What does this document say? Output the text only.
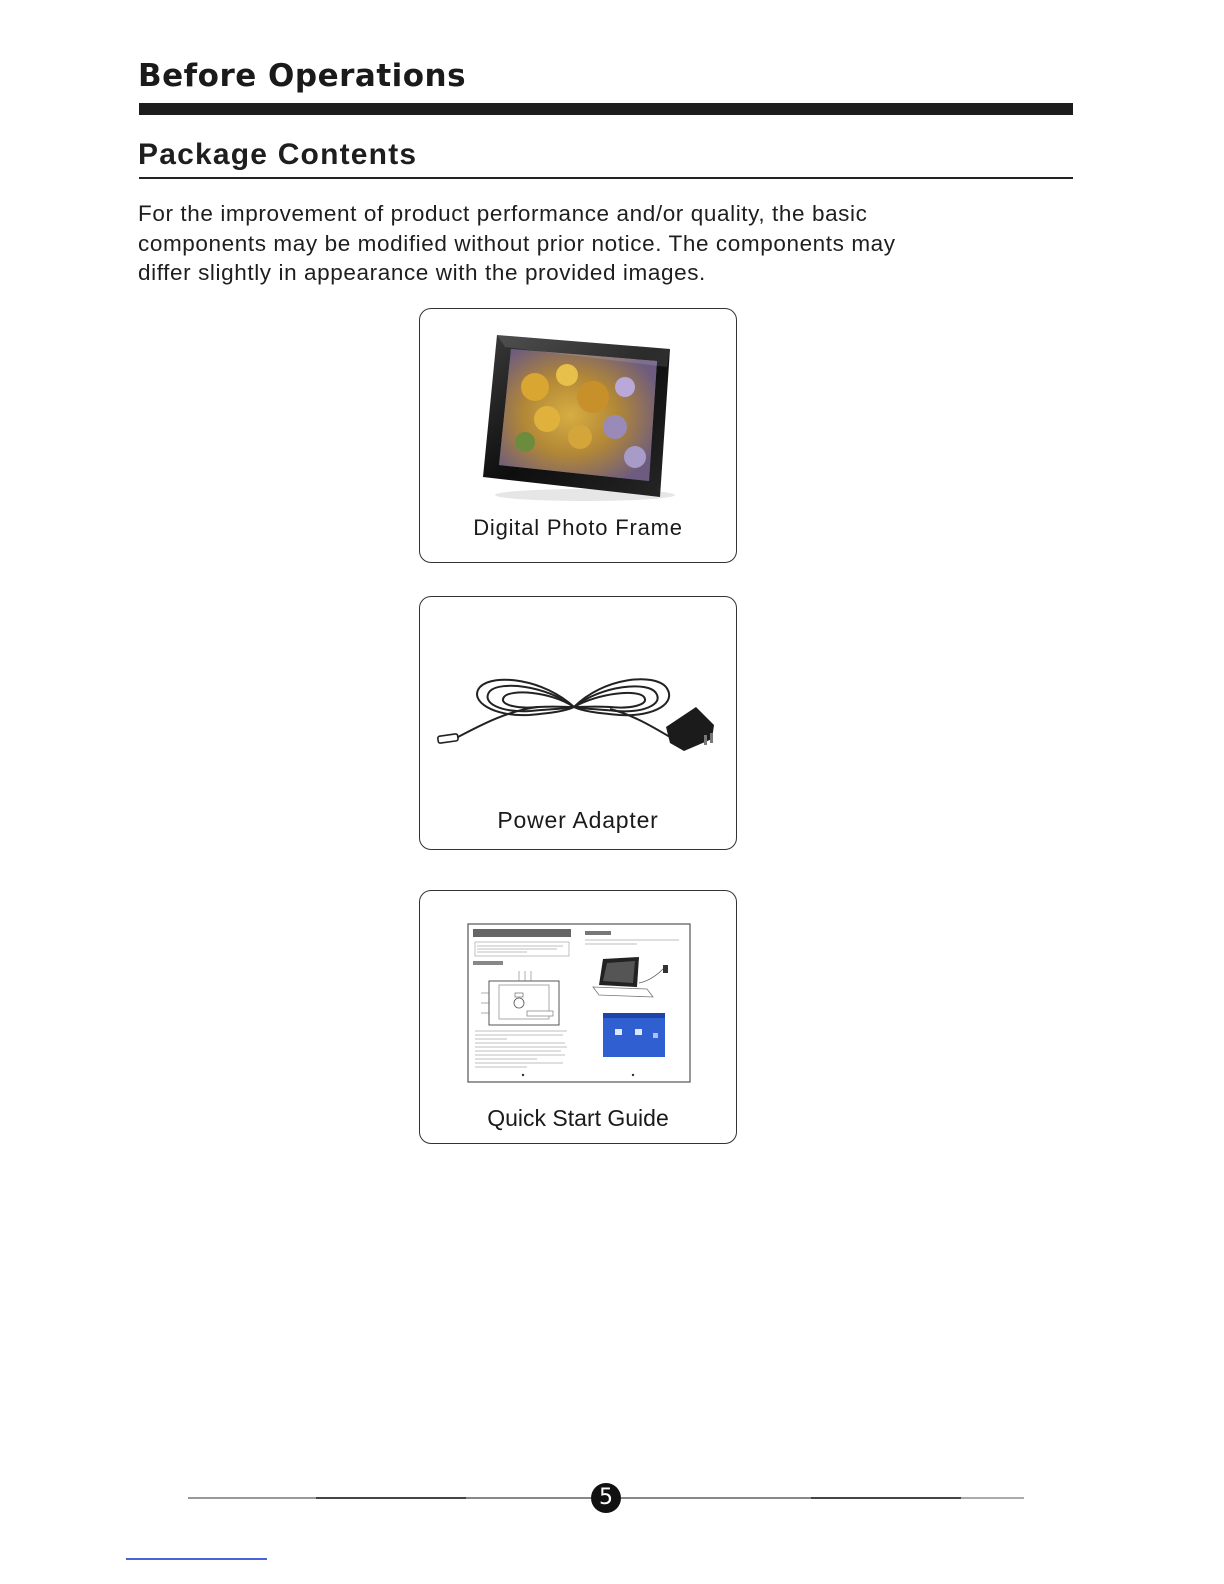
Before Operations
Package Contents

For the improvement of product performance and/or quality, the basic

components may be modified without prior notice. The components may

differ slightly in appearance with the provided images.

Digital Photo Frame
Power Adapter
Quick Start Guide
5
